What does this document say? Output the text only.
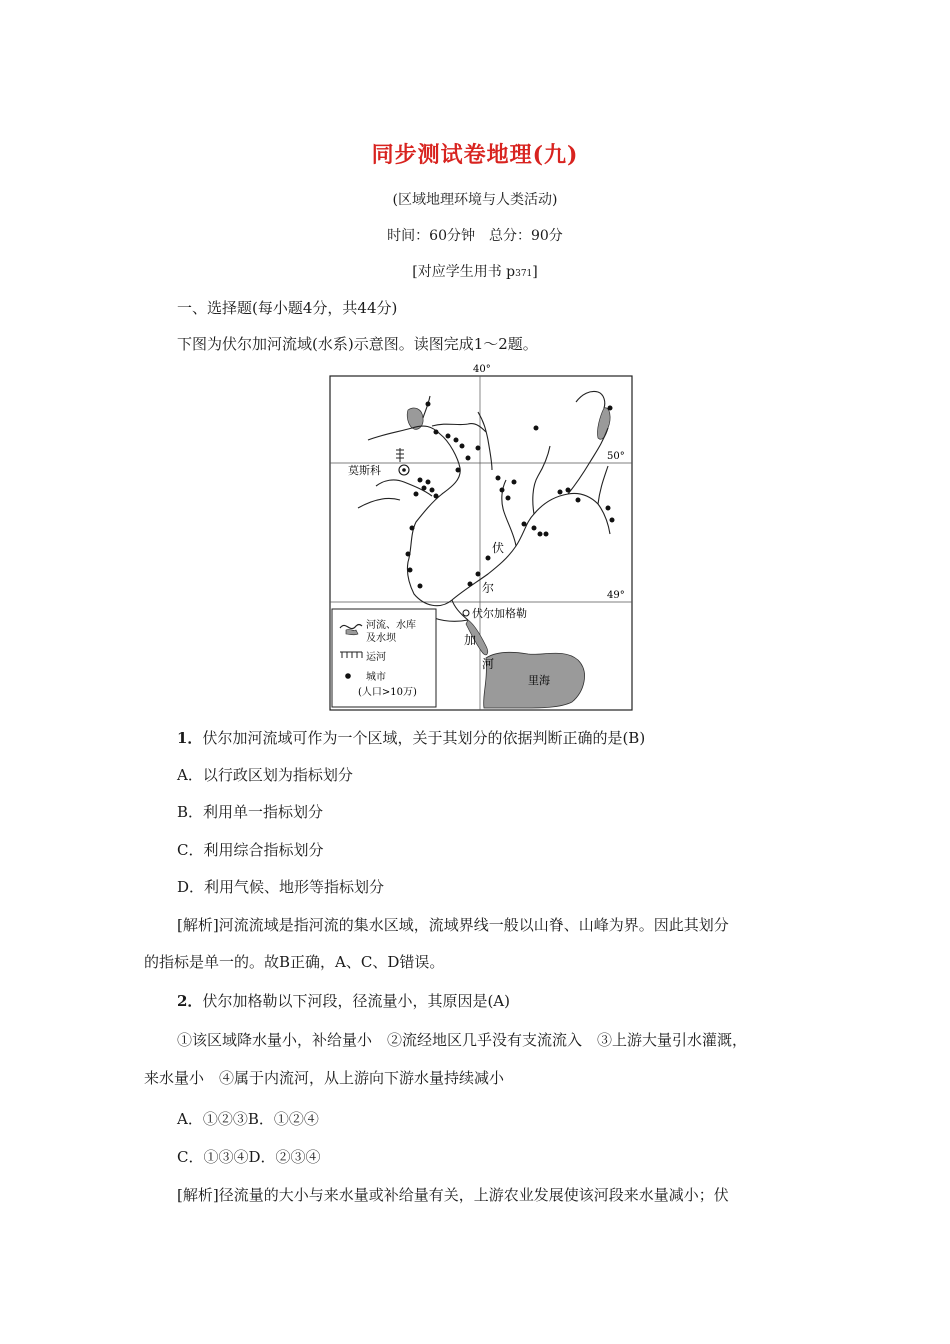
同步测试卷地理(九)
(区域地理环境与人类活动)
时间：60分钟　总分：90分
[对应学生用书 p371]
一、选择题(每小题4分，共44分)
下图为伏尔加河流域(水系)示意图。读图完成1～2题。
40°
50°
49°
里海
莫斯科
伏
尔
加
河
伏尔加格勒
河流、水库
及水坝
运河
城市
(人口>10万)
1．伏尔加河流域可作为一个区域，关于其划分的依据判断正确的是(B)
A．以行政区划为指标划分
B．利用单一指标划分
C．利用综合指标划分
D．利用气候、地形等指标划分
[解析]河流流域是指河流的集水区域，流域界线一般以山脊、山峰为界。因此其划分
的指标是单一的。故B正确，A、C、D错误。
2．伏尔加格勒以下河段，径流量小，其原因是(A)
①该区域降水量小，补给量小　②流经地区几乎没有支流流入　③上游大量引水灌溉，
来水量小　④属于内流河，从上游向下游水量持续减小
A．①②③B．①②④
C．①③④D．②③④
[解析]径流量的大小与来水量或补给量有关，上游农业发展使该河段来水量减小；伏
